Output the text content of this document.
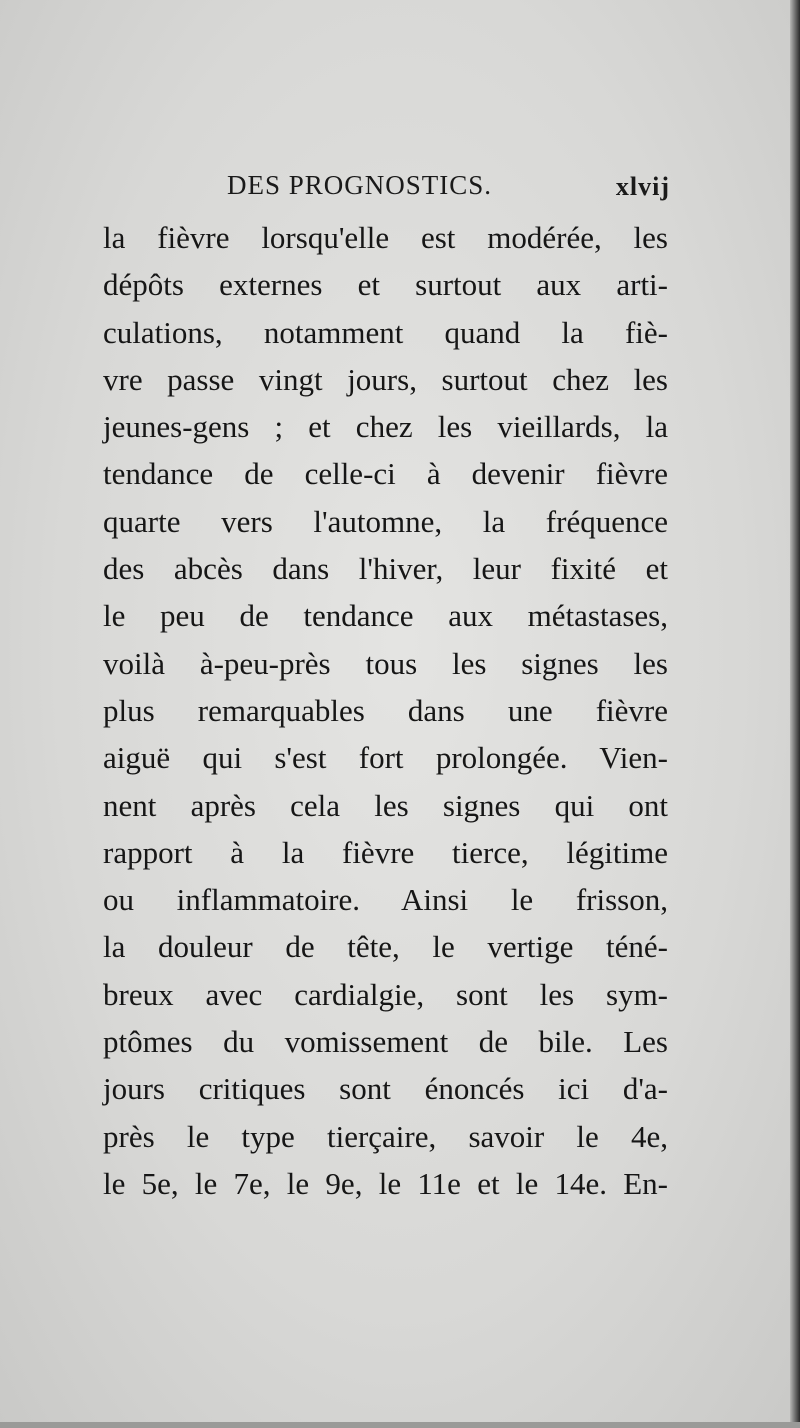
DES PROGNOSTICS.	xlvij
la fièvre lorsqu'elle est modérée, les
dépôts externes et surtout aux arti-
culations, notamment quand la fiè-
vre passe vingt jours, surtout chez les
jeunes-gens ; et chez les vieillards, la
tendance de celle-ci à devenir fièvre
quarte vers l'automne, la fréquence
des abcès dans l'hiver, leur fixité et
le peu de tendance aux métastases,
voilà à-peu-près tous les signes les
plus remarquables dans une fièvre
aiguë qui s'est fort prolongée. Vien-
nent après cela les signes qui ont
rapport à la fièvre tierce, légitime
ou inflammatoire. Ainsi le frisson,
la douleur de tête, le vertige téné-
breux avec cardialgie, sont les sym-
ptômes du vomissement de bile. Les
jours critiques sont énoncés ici d'a-
près le type tierçaire, savoir le 4e,
le 5e, le 7e, le 9e, le 11e et le 14e. En-
